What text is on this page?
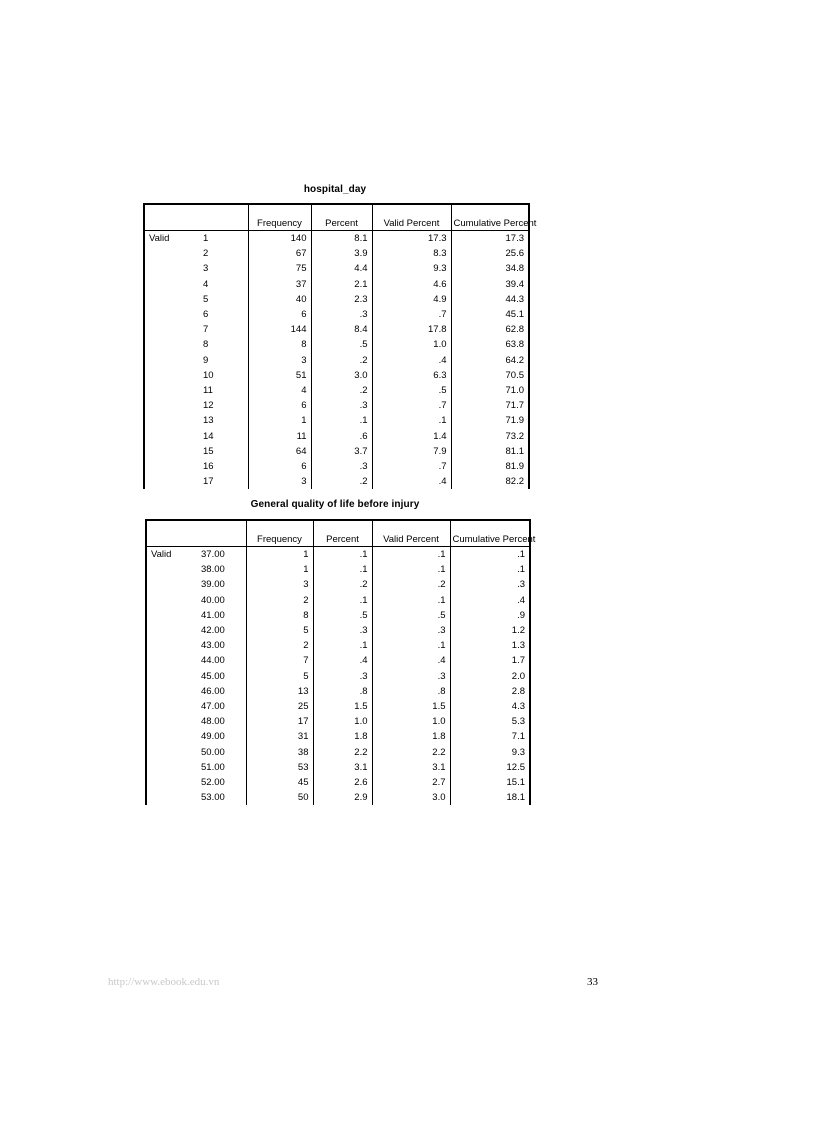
hospital_day
		Frequency	Percent	Valid Percent	Cumulative Percent
Valid	1	140	8.1	17.3	17.3
	2	67	3.9	8.3	25.6
	3	75	4.4	9.3	34.8
	4	37	2.1	4.6	39.4
	5	40	2.3	4.9	44.3
	6	6	.3	.7	45.1
	7	144	8.4	17.8	62.8
	8	8	.5	1.0	63.8
	9	3	.2	.4	64.2
	10	51	3.0	6.3	70.5
	11	4	.2	.5	71.0
	12	6	.3	.7	71.7
	13	1	.1	.1	71.9
	14	11	.6	1.4	73.2
	15	64	3.7	7.9	81.1
	16	6	.3	.7	81.9
	17	3	.2	.4	82.2
General quality of life before injury
		Frequency	Percent	Valid Percent	Cumulative Percent
Valid	37.00	1	.1	.1	.1
	38.00	1	.1	.1	.1
	39.00	3	.2	.2	.3
	40.00	2	.1	.1	.4
	41.00	8	.5	.5	.9
	42.00	5	.3	.3	1.2
	43.00	2	.1	.1	1.3
	44.00	7	.4	.4	1.7
	45.00	5	.3	.3	2.0
	46.00	13	.8	.8	2.8
	47.00	25	1.5	1.5	4.3
	48.00	17	1.0	1.0	5.3
	49.00	31	1.8	1.8	7.1
	50.00	38	2.2	2.2	9.3
	51.00	53	3.1	3.1	12.5
	52.00	45	2.6	2.7	15.1
	53.00	50	2.9	3.0	18.1
http://www.ebook.edu.vn	33
